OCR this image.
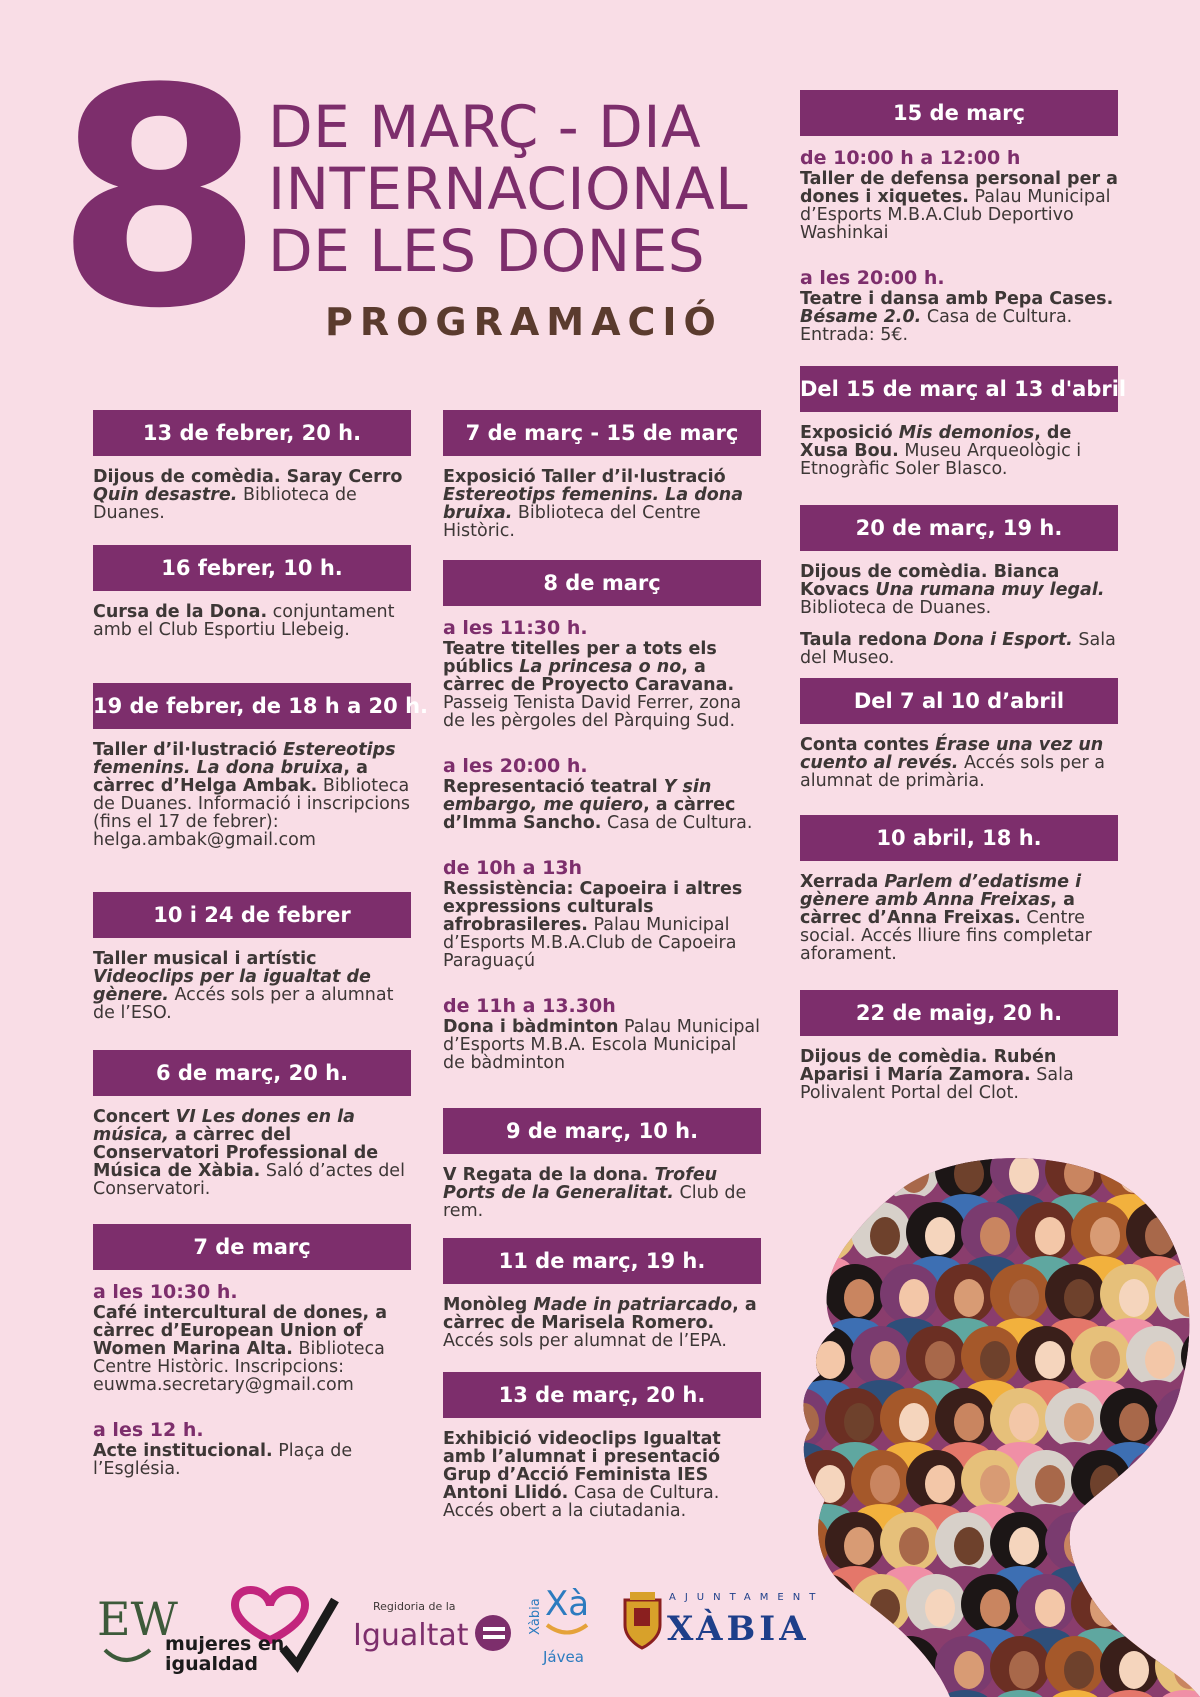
8 DE MARÇ - DIA
INTERNACIONAL
DE LES DONES
PROGRAMACIÓ
13 de febrer, 20 h.
Dijous de comèdia. Saray Cerro Quin desastre. Biblioteca de Duanes.
16 febrer, 10 h.
Cursa de la Dona. conjuntament amb el Club Esportiu Llebeig.
19 de febrer, de 18 h a 20 h.
Taller d’il·lustració Estereotips femenins. La dona bruixa, a càrrec d’Helga Ambak. Biblioteca de Duanes. Informació i inscripcions (fins el 17 de febrer): helga.ambak@gmail.com
10 i 24 de febrer
Taller musical i artístic Videoclips per la igualtat de gènere. Accés sols per a alumnat de l’ESO.
6 de març, 20 h.
Concert VI Les dones en la música, a càrrec del Conservatori Professional de Música de Xàbia. Saló d’actes del Conservatori.
7 de març
a les 10:30 h.
Café intercultural de dones, a càrrec d’European Union of Women Marina Alta. Biblioteca Centre Històric. Inscripcions: euwma.secretary@gmail.com
a les 12 h.
Acte institucional. Plaça de l’Església.
7 de març - 15 de març
Exposició Taller d’il·lustració Estereotips femenins. La dona bruixa. Biblioteca del Centre Històric.
8 de març
a les 11:30 h.
Teatre titelles per a tots els públics La princesa o no, a càrrec de Proyecto Caravana. Passeig Tenista David Ferrer, zona de les pèrgoles del Pàrquing Sud.
a les 20:00 h.
Representació teatral Y sin embargo, me quiero, a càrrec d’Imma Sancho. Casa de Cultura.
de 10h a 13h
Ressistència: Capoeira i altres expressions culturals afrobrasileres. Palau Municipal d’Esports M.B.A.Club de Capoeira Paraguaçú
de 11h a 13.30h
Dona i bàdminton Palau Municipal d’Esports M.B.A. Escola Municipal de bàdminton
9 de març, 10 h.
V Regata de la dona. Trofeu Ports de la Generalitat. Club de rem.
11 de març, 19 h.
Monòleg Made in patriarcado, a càrrec de Marisela Romero. Accés sols per alumnat de l’EPA.
13 de març, 20 h.
Exhibició videoclips Igualtat amb l’alumnat i presentació Grup d’Acció Feminista IES Antoni Llidó. Casa de Cultura. Accés obert a la ciutadania.
15 de març
de 10:00 h a 12:00 h
Taller de defensa personal per a dones i xiquetes. Palau Municipal d’Esports M.B.A.Club Deportivo Washinkai
a les 20:00 h.
Teatre i dansa amb Pepa Cases. Bésame 2.0. Casa de Cultura. Entrada: 5€.
Del 15 de març al 13 d'abril
Exposició Mis demonios, de Xusa Bou. Museu Arqueològic i Etnogràfic Soler Blasco.
20 de març, 19 h.
Dijous de comèdia. Bianca Kovacs Una rumana muy legal. Biblioteca de Duanes.
Taula redona Dona i Esport. Sala del Museo.
Del 7 al 10 d’abril
Conta contes Érase una vez un cuento al revés. Accés sols per a alumnat de primària.
10 abril, 18 h.
Xerrada Parlem d’edatisme i gènere amb Anna Freixas, a càrrec d’Anna Freixas. Centre social. Accés lliure fins completar aforament.
22 de maig, 20 h.
Dijous de comèdia. Rubén Aparisi i María Zamora. Sala Polivalent Portal del Clot.
EW
mujeres en
igualdad
Regidoria de la
Igualtat
Xàbia Xà
Jávea
AJUNTAMENT
XÀBIA
